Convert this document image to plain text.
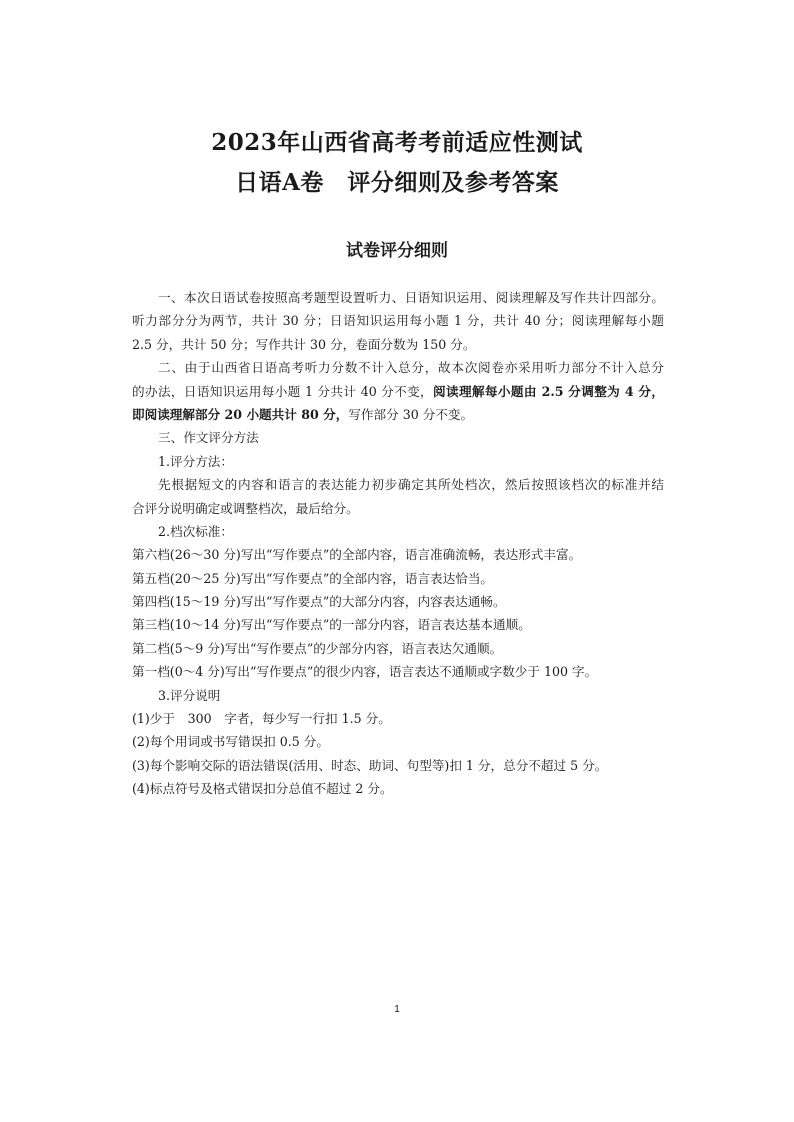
2023年山西省高考考前适应性测试
日语A卷　评分细则及参考答案
试卷评分细则
一、本次日语试卷按照高考题型设置听力、日语知识运用、阅读理解及写作共计四部分。
听力部分分为两节，共计 30 分；日语知识运用每小题 1 分，共计 40 分；阅读理解每小题
2.5 分，共计 50 分；写作共计 30 分，卷面分数为 150 分。
二、由于山西省日语高考听力分数不计入总分，故本次阅卷亦采用听力部分不计入总分
的办法，日语知识运用每小题 1 分共计 40 分不变，阅读理解每小题由 2.5 分调整为 4 分，
即阅读理解部分 20 小题共计 80 分，写作部分 30 分不变。
三、作文评分方法
1.评分方法：
先根据短文的内容和语言的表达能力初步确定其所处档次，然后按照该档次的标准并结
合评分说明确定或调整档次，最后给分。
2.档次标准：
第六档(26～30 分)写出“写作要点”的全部内容，语言准确流畅，表达形式丰富。
第五档(20～25 分)写出“写作要点”的全部内容，语言表达恰当。
第四档(15～19 分)写出“写作要点”的大部分内容，内容表达通畅。
第三档(10～14 分)写出“写作要点”的一部分内容，语言表达基本通顺。
第二档(5～9 分)写出“写作要点”的少部分内容，语言表达欠通顺。
第一档(0～4 分)写出“写作要点”的很少内容，语言表达不通顺或字数少于 100 字。
3.评分说明
(1)少于　300　字者，每少写一行扣 1.5 分。
(2)每个用词或书写错误扣 0.5 分。
(3)每个影响交际的语法错误(活用、时态、助词、句型等)扣 1 分，总分不超过 5 分。
(4)标点符号及格式错误扣分总值不超过 2 分。
1
